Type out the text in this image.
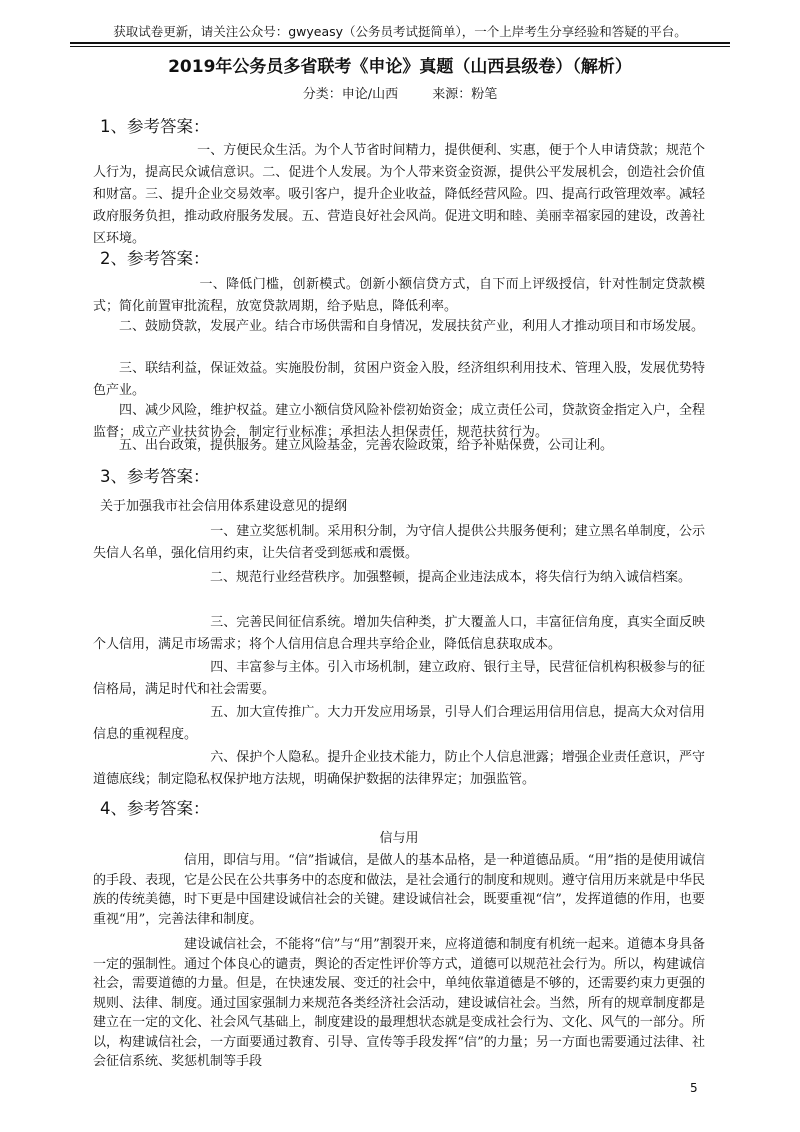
获取试卷更新，请关注公众号：gwyeasy（公务员考试挺简单），一个上岸考生分享经验和答疑的平台。
2019年公务员多省联考《申论》真题（山西县级卷）（解析）
分类：申论/山西	来源：粉笔
1、参考答案：

　　　　　　　　一、方便民众生活。为个人节省时间精力，提供便利、实惠，便于个人申请贷款；规范个人行为，提高民众诚信意识。二、促进个人发展。为个人带来资金资源，提供公平发展机会，创造社会价值和财富。三、提升企业交易效率。吸引客户，提升企业收益，降低经营风险。四、提高行政管理效率。减轻政府服务负担，推动政府服务发展。五、营造良好社会风尚。促进文明和睦、美丽幸福家园的建设，改善社区环境。

2、参考答案：

　　　　　　　　一、降低门槛，创新模式。创新小额信贷方式，自下而上评级授信，针对性制定贷款模式；简化前置审批流程，放宽贷款周期，给予贴息，降低利率。

　　二、鼓励贷款，发展产业。结合市场供需和自身情况，发展扶贫产业，利用人才推动项目和市场发展。

　　三、联结利益，保证效益。实施股份制，贫困户资金入股，经济组织利用技术、管理入股，发展优势特色产业。

　　四、减少风险，维护权益。建立小额信贷风险补偿初始资金；成立责任公司，贷款资金指定入户，全程监督；成立产业扶贫协会，制定行业标准；承担法人担保责任，规范扶贫行为。

　　五、出台政策，提供服务。建立风险基金，完善农险政策，给予补贴保费，公司让利。

3、参考答案：
关于加强我市社会信用体系建设意见的提纲

　　　　　　　　　一、建立奖惩机制。采用积分制，为守信人提供公共服务便利；建立黑名单制度，公示失信人名单，强化信用约束，让失信者受到惩戒和震慑。

　　　　　　　　　二、规范行业经营秩序。加强整顿，提高企业违法成本，将失信行为纳入诚信档案。

　　　　　　　　　三、完善民间征信系统。增加失信种类，扩大覆盖人口，丰富征信角度，真实全面反映个人信用，满足市场需求；将个人信用信息合理共享给企业，降低信息获取成本。

　　　　　　　　　四、丰富参与主体。引入市场机制，建立政府、银行主导，民营征信机构积极参与的征信格局，满足时代和社会需要。

　　　　　　　　　五、加大宣传推广。大力开发应用场景，引导人们合理运用信用信息，提高大众对信用信息的重视程度。

　　　　　　　　　六、保护个人隐私。提升企业技术能力，防止个人信息泄露；增强企业责任意识，严守道德底线；制定隐私权保护地方法规，明确保护数据的法律界定；加强监管。

4、参考答案：
信与用

　　　　　　　信用，即信与用。“信”指诚信，是做人的基本品格，是一种道德品质。“用”指的是使用诚信的手段、表现，它是公民在公共事务中的态度和做法，是社会通行的制度和规则。遵守信用历来就是中华民族的传统美德，时下更是中国建设诚信社会的关键。建设诚信社会，既要重视“信”，发挥道德的作用，也要重视“用”，完善法律和制度。

　　　　　　　建设诚信社会，不能将“信”与“用”割裂开来，应将道德和制度有机统一起来。道德本身具备一定的强制性。通过个体良心的谴责，舆论的否定性评价等方式，道德可以规范社会行为。所以，构建诚信社会，需要道德的力量。但是，在快速发展、变迁的社会中，单纯依靠道德是不够的，还需要约束力更强的规则、法律、制度。通过国家强制力来规范各类经济社会活动，建设诚信社会。当然，所有的规章制度都是建立在一定的文化、社会风气基础上，制度建设的最理想状态就是变成社会行为、文化、风气的一部分。所以，构建诚信社会，一方面要通过教育、引导、宣传等手段发挥“信”的力量；另一方面也需要通过法律、社会征信系统、奖惩机制等手段

5
